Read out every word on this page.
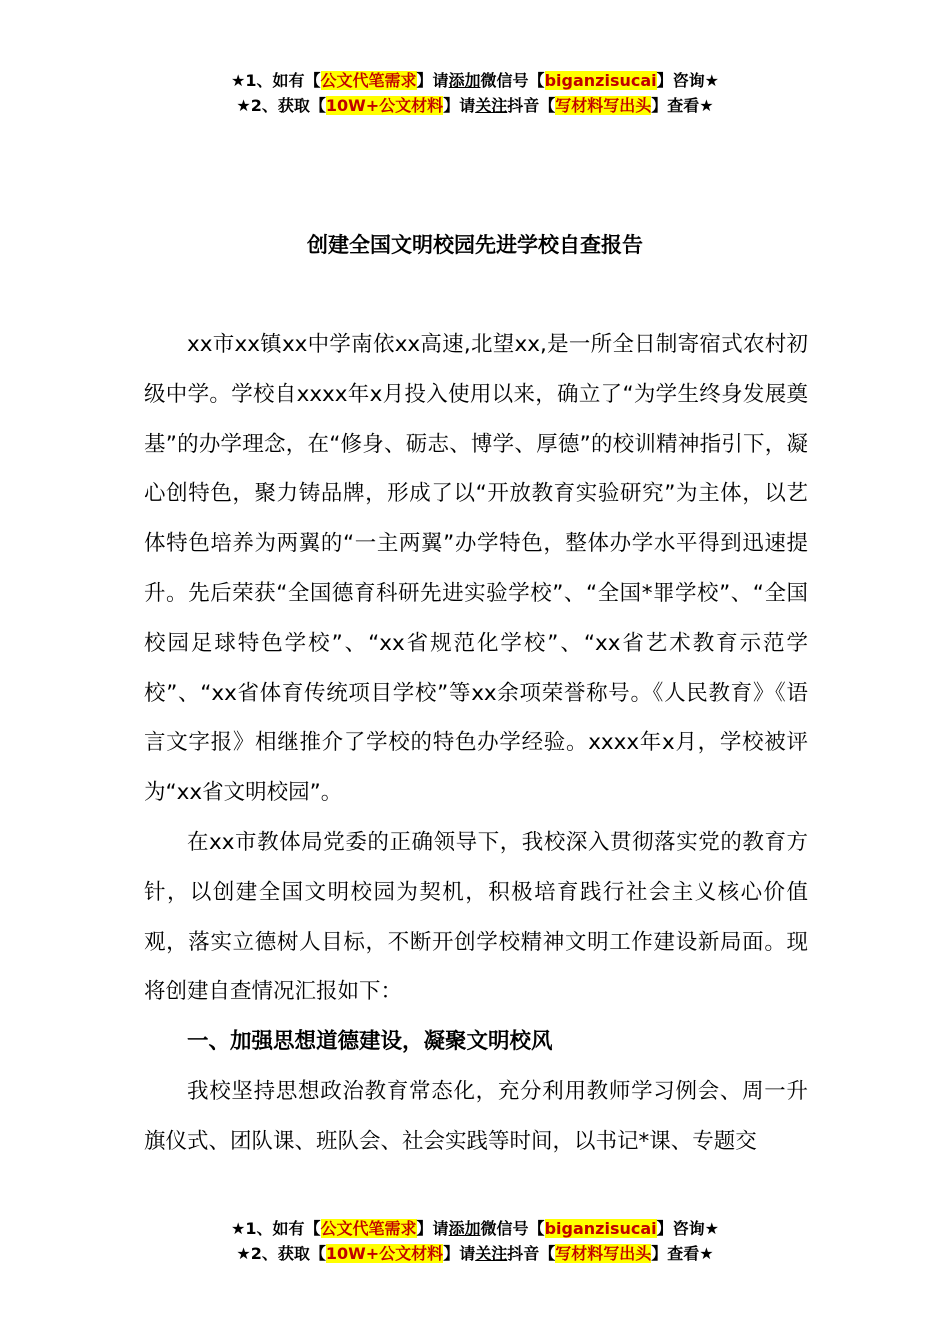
★1、如有【公文代笔需求】请添加微信号【biganzisucai】咨询★
★2、获取【10W+公文材料】请关注抖音【写材料写出头】查看★
创建全国文明校园先进学校自查报告

xx市xx镇xx中学南依xx高速,北望xx,是一所全日制寄宿式农村初级中学。学校自xxxx年x月投入使用以来，确立了“为学生终身发展奠基”的办学理念，在“修身、砺志、博学、厚德”的校训精神指引下，凝心创特色，聚力铸品牌，形成了以“开放教育实验研究”为主体，以艺体特色培养为两翼的“一主两翼”办学特色，整体办学水平得到迅速提升。先后荣获“全国德育科研先进实验学校”、“全国*罪学校”、“全国校园足球特色学校”、“xx省规范化学校”、“xx省艺术教育示范学校”、“xx省体育传统项目学校”等xx余项荣誉称号。《人民教育》《语言文字报》相继推介了学校的特色办学经验。xxxx年x月，学校被评为“xx省文明校园”。

在xx市教体局党委的正确领导下，我校深入贯彻落实党的教育方针，以创建全国文明校园为契机，积极培育践行社会主义核心价值观，落实立德树人目标，不断开创学校精神文明工作建设新局面。现将创建自查情况汇报如下：

一、加强思想道德建设，凝聚文明校风

我校坚持思想政治教育常态化，充分利用教师学习例会、周一升旗仪式、团队课、班队会、社会实践等时间，以书记*课、专题交

★1、如有【公文代笔需求】请添加微信号【biganzisucai】咨询★
★2、获取【10W+公文材料】请关注抖音【写材料写出头】查看★
